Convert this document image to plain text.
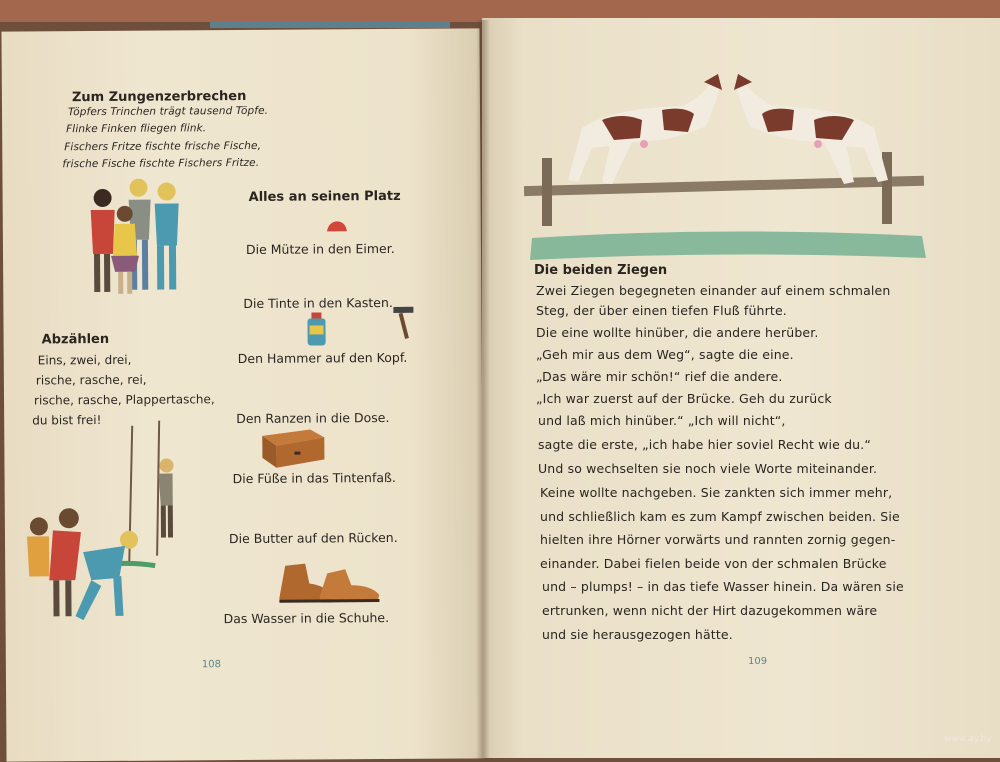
Zum Zungenzerbrechen
Töpfers Trinchen trägt tausend Töpfe.
Flinke Finken fliegen flink.
Fischers Fritze fischte frische Fische,
frische Fische fischte Fischers Fritze.
Abzählen
Eins, zwei, drei,
rische, rasche, rei,
rische, rasche, Plappertasche,
du bist frei!
Alles an seinen Platz
Die Mütze in den Eimer.
Die Tinte in den Kasten.
Den Hammer auf den Kopf.
Den Ranzen in die Dose.
Die Füße in das Tintenfaß.
Die Butter auf den Rücken.
Das Wasser in die Schuhe.
108
Die beiden Ziegen
Zwei Ziegen begegneten einander auf einem schmalen
Steg, der über einen tiefen Fluß führte.
Die eine wollte hinüber, die andere herüber.
„Geh mir aus dem Weg“, sagte die eine.
„Das wäre mir schön!“ rief die andere.
„Ich war zuerst auf der Brücke. Geh du zurück
und laß mich hinüber.“ „Ich will nicht“,
sagte die erste, „ich habe hier soviel Recht wie du.“
Und so wechselten sie noch viele Worte miteinander.
Keine wollte nachgeben. Sie zankten sich immer mehr,
und schließlich kam es zum Kampf zwischen beiden. Sie
hielten ihre Hörner vorwärts und rannten zornig gegen-
einander. Dabei fielen beide von der schmalen Brücke
und – plumps! – in das tiefe Wasser hinein. Da wären sie
ertrunken, wenn nicht der Hirt dazugekommen wäre
und sie herausgezogen hätte.
109
www.ay.by
